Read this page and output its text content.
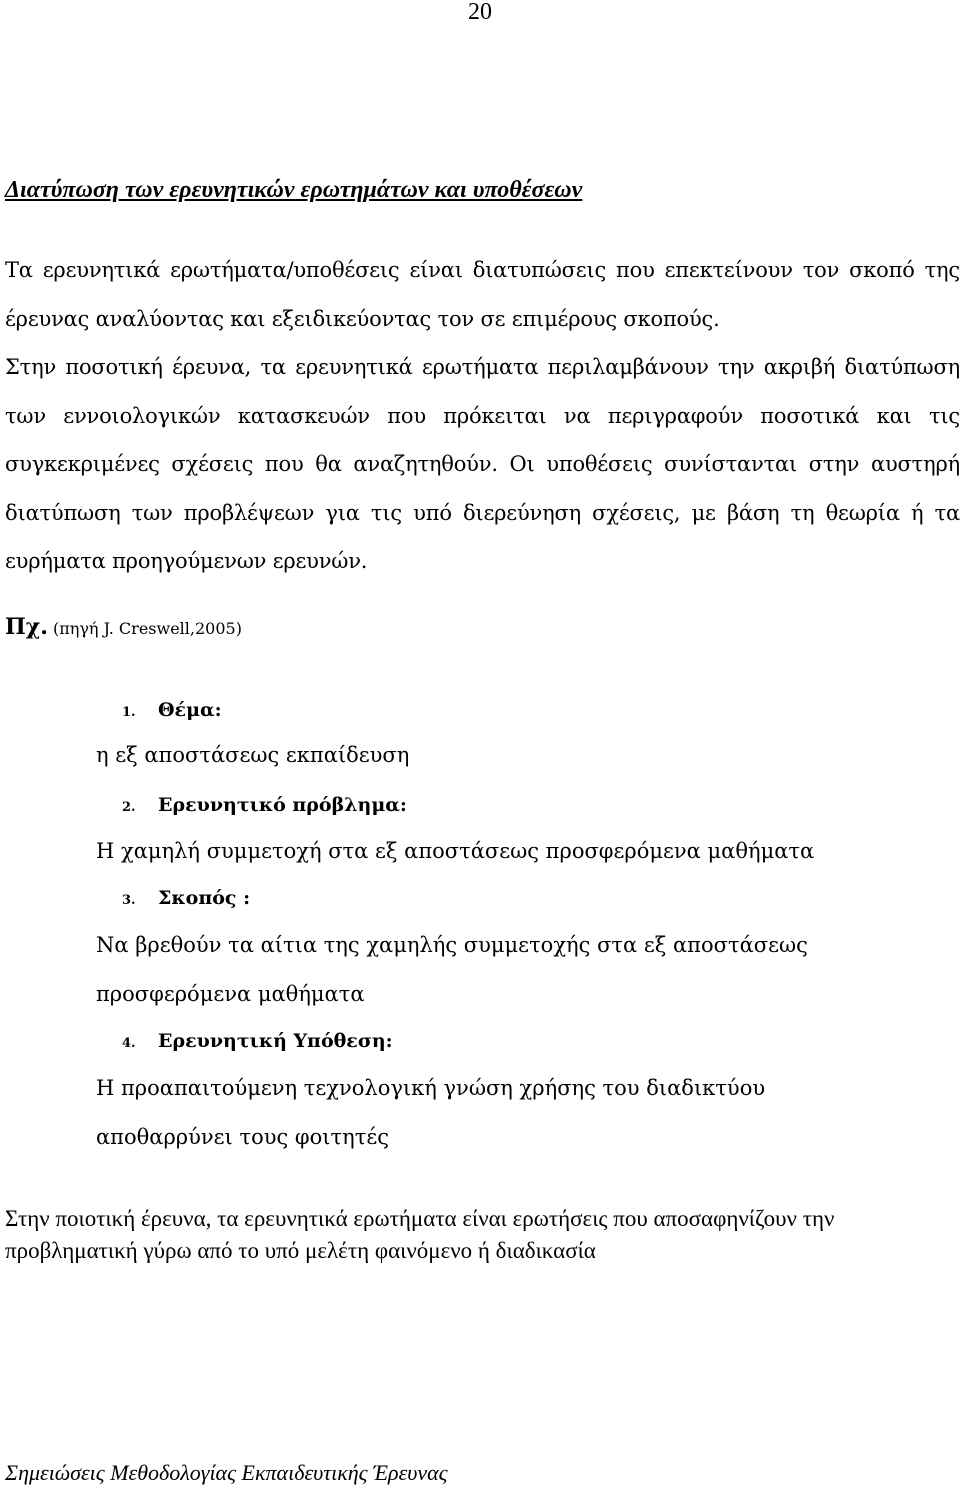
20
Διατύπωση των ερευνητικών ερωτημάτων και υποθέσεων

Τα ερευνητικά ερωτήματα/υποθέσεις είναι διατυπώσεις που επεκτείνουν τον σκοπό της έρευνας αναλύοντας και εξειδικεύοντας τον σε επιμέρους σκοπούς.

Στην ποσοτική έρευνα, τα ερευνητικά ερωτήματα περιλαμβάνουν την ακριβή διατύπωση των εννοιολογικών κατασκευών που πρόκειται να περιγραφούν ποσοτικά και τις συγκεκριμένες σχέσεις που θα αναζητηθούν. Οι υποθέσεις συνίστανται στην αυστηρή διατύπωση των προβλέψεων για τις υπό διερεύνηση σχέσεις, με βάση τη θεωρία ή τα ευρήματα προηγούμενων ερευνών.

Πχ. (πηγή J. Creswell,2005)
1. Θέμα:

η εξ αποστάσεως εκπαίδευση

2. Ερευνητικό πρόβλημα:

Η χαμηλή συμμετοχή στα εξ αποστάσεως προσφερόμενα μαθήματα

3. Σκοπός :

Να βρεθούν τα αίτια της χαμηλής συμμετοχής στα εξ αποστάσεως προσφερόμενα μαθήματα

4. Ερευνητική Υπόθεση:

Η προαπαιτούμενη τεχνολογική γνώση χρήσης του διαδικτύου αποθαρρύνει τους φοιτητές

Στην ποιοτική έρευνα, τα ερευνητικά ερωτήματα είναι ερωτήσεις που αποσαφηνίζουν την προβληματική γύρω από το υπό μελέτη φαινόμενο ή διαδικασία

Σημειώσεις Μεθοδολογίας Εκπαιδευτικής Έρευνας
